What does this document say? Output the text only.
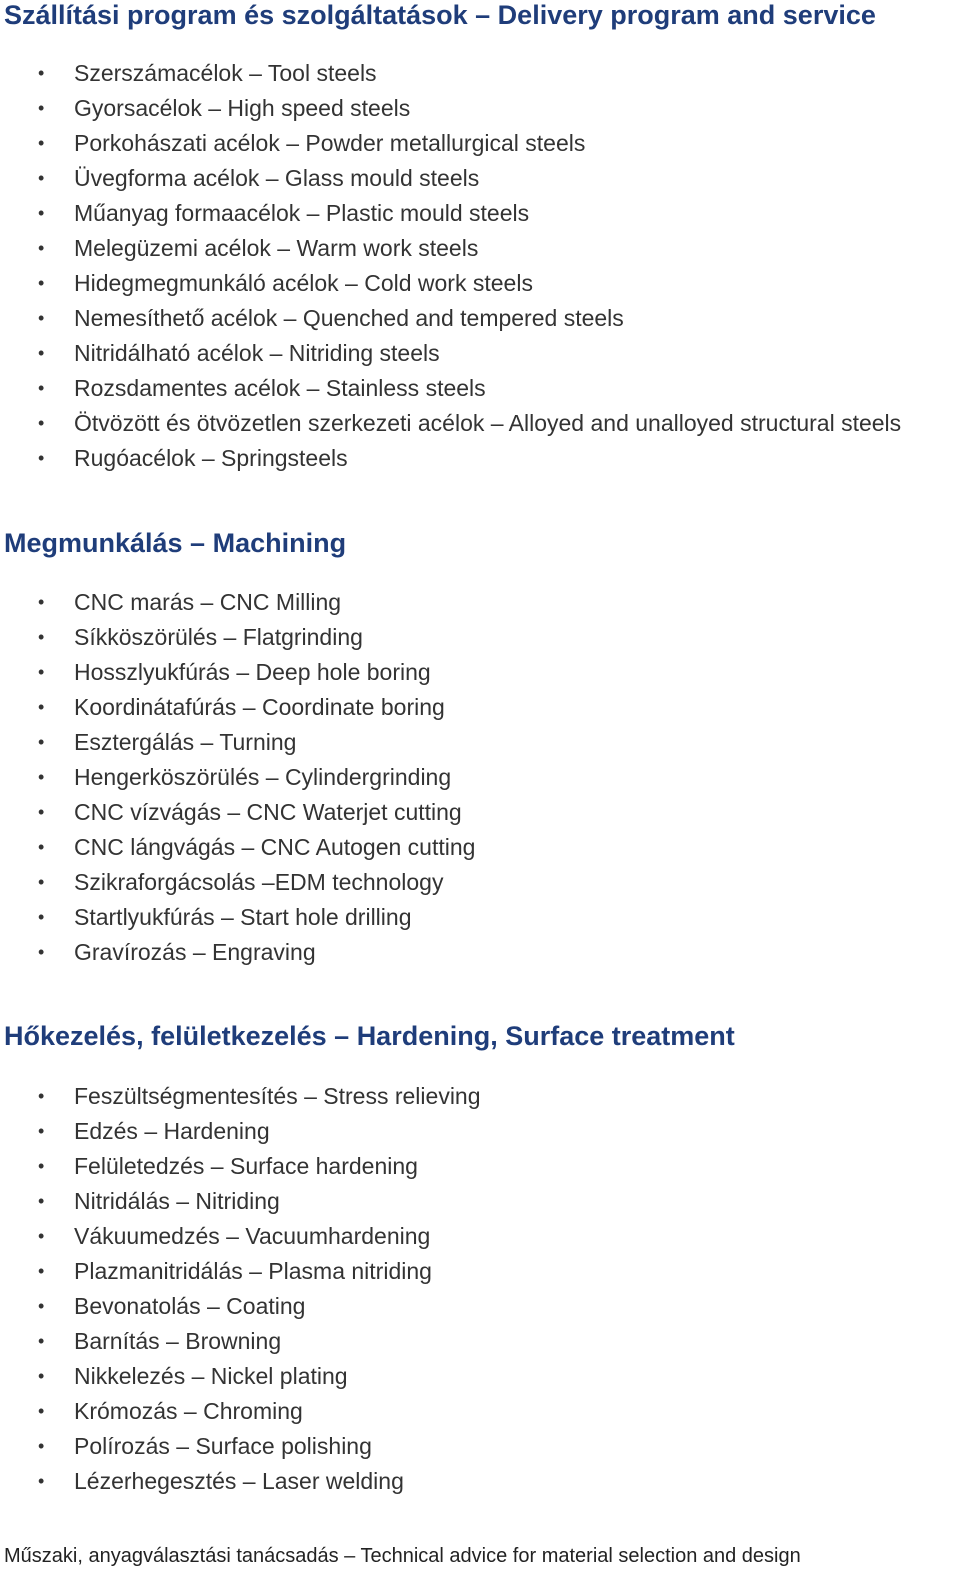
Szállítási program és szolgáltatások – Delivery program and service
• Szerszámacélok – Tool steels
• Gyorsacélok – High speed steels
• Porkohászati acélok – Powder metallurgical steels
• Üvegforma acélok – Glass mould steels
• Műanyag formaacélok – Plastic mould steels
• Melegüzemi acélok – Warm work steels
• Hidegmegmunkáló acélok – Cold work steels
• Nemesíthető acélok – Quenched and tempered steels
• Nitridálható acélok – Nitriding steels
• Rozsdamentes acélok – Stainless steels
• Ötvözött és ötvözetlen szerkezeti acélok – Alloyed and unalloyed structural steels
• Rugóacélok – Springsteels
Megmunkálás – Machining
• CNC marás – CNC Milling
• Síkköszörülés – Flatgrinding
• Hosszlyukfúrás – Deep hole boring
• Koordinátafúrás – Coordinate boring
• Esztergálás – Turning
• Hengerköszörülés – Cylindergrinding
• CNC vízvágás – CNC Waterjet cutting
• CNC lángvágás – CNC Autogen cutting
• Szikraforgácsolás –EDM technology
• Startlyukfúrás – Start hole drilling
• Gravírozás – Engraving
Hőkezelés, felületkezelés – Hardening, Surface treatment
• Feszültségmentesítés – Stress relieving
• Edzés – Hardening
• Felületedzés – Surface hardening
• Nitridálás – Nitriding
• Vákuumedzés – Vacuumhardening
• Plazmanitridálás – Plasma nitriding
• Bevonatolás – Coating
• Barnítás – Browning
• Nikkelezés – Nickel plating
• Krómozás – Chroming
• Polírozás – Surface polishing
• Lézerhegesztés – Laser welding
Műszaki, anyagválasztási tanácsadás – Technical advice for material selection and design
